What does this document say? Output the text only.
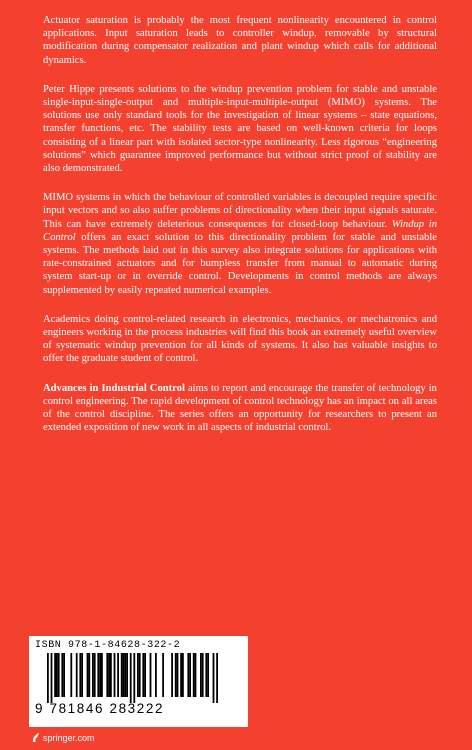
Actuator saturation is probably the most frequent nonlinearity encountered in control applications. Input saturation leads to controller windup, removable by structural modification during compensator realization and plant windup which calls for additional dynamics.

Peter Hippe presents solutions to the windup prevention problem for stable and unstable single-input-single-output and multiple-input-multiple-output (MIMO) systems. The solutions use only standard tools for the investigation of linear systems – state equations, transfer functions, etc. The stability tests are based on well-known criteria for loops consisting of a linear part with isolated sector-type nonlinearity. Less rigorous “engineering solutions” which guarantee improved performance but without strict proof of stability are also demonstrated.

MIMO systems in which the behaviour of controlled variables is decoupled require specific input vectors and so also suffer problems of directionality when their input signals saturate. This can have extremely deleterious consequences for closed-loop behaviour. Windup in Control offers an exact solution to this directionality problem for stable and unstable systems. The methods laid out in this survey also integrate solutions for applications with rate-constrained actuators and for bumpless transfer from manual to automatic during system start-up or in override control. Developments in control methods are always supplemented by easily repeated numerical examples.

Academics doing control-related research in electronics, mechanics, or mechatronics and engineers working in the process industries will find this book an extremely useful overview of systematic windup prevention for all kinds of systems. It also has valuable insights to offer the graduate student of control.

Advances in Industrial Control aims to report and encourage the transfer of technology in control engineering. The rapid development of control technology has an impact on all areas of the control discipline. The series offers an opportunity for researchers to present an extended exposition of new work in all aspects of industrial control.

ISBN 978-1-84628-322-2
9 781846 283222
springer.com
